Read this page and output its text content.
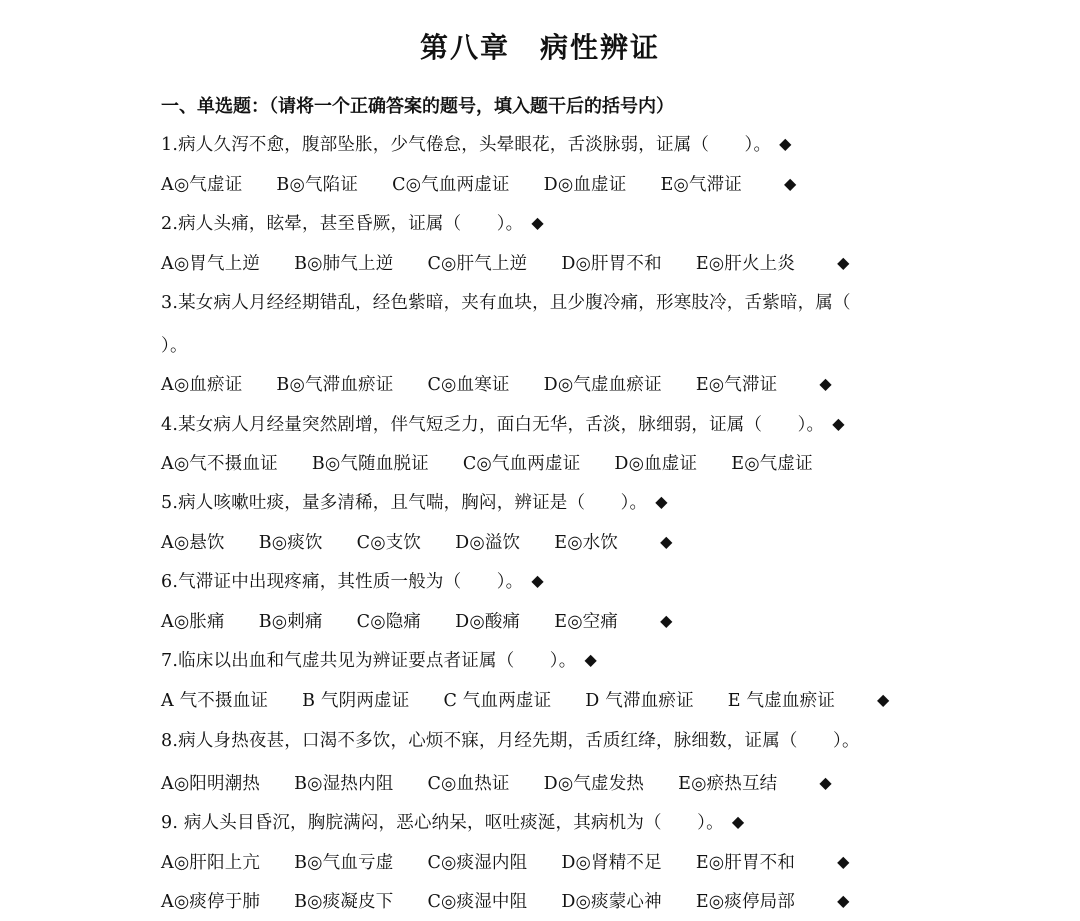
第八章　病性辨证
一、单选题：（请将一个正确答案的题号，填入题干后的括号内）
1.病人久泻不愈，腹部坠胀，少气倦怠，头晕眼花，舌淡脉弱，证属（　　）。 ◆
A◎气虚证 B◎气陷证 C◎气血两虚证 D◎血虚证 E◎气滞证	◆
2.病人头痛，眩晕，甚至昏厥，证属（　　）。 ◆
A◎胃气上逆 B◎肺气上逆 C◎肝气上逆 D◎肝胃不和 E◎肝火上炎	◆
3.某女病人月经经期错乱，经色紫暗，夹有血块，且少腹冷痛，形寒肢冷，舌紫暗，属（
）。
A◎血瘀证 B◎气滞血瘀证 C◎血寒证 D◎气虚血瘀证 E◎气滞证	◆
4.某女病人月经量突然剧增，伴气短乏力，面白无华，舌淡，脉细弱，证属（　　）。 ◆
A◎气不摄血证 B◎气随血脱证 C◎气血两虚证 D◎血虚证 E◎气虚证
5.病人咳嗽吐痰，量多清稀，且气喘，胸闷，辨证是（　　）。 ◆
A◎悬饮 B◎痰饮 C◎支饮 D◎溢饮 E◎水饮	◆
6.气滞证中出现疼痛，其性质一般为（　　）。 ◆
A◎胀痛 B◎刺痛 C◎隐痛 D◎酸痛 E◎空痛	◆
7.临床以出血和气虚共见为辨证要点者证属（　　）。 ◆
A 气不摄血证 B 气阴两虚证 C 气血两虚证 D 气滞血瘀证 E 气虚血瘀证	◆
8.病人身热夜甚，口渴不多饮，心烦不寐，月经先期，舌质红绛，脉细数，证属（　　）。
A◎阳明潮热 B◎湿热内阻 C◎血热证 D◎气虚发热 E◎瘀热互结	◆
9. 病人头目昏沉，胸脘满闷，恶心纳呆，呕吐痰涎，其病机为（　　）。 ◆
A◎肝阳上亢 B◎气血亏虚 C◎痰湿内阻 D◎肾精不足 E◎肝胃不和	◆
A◎痰停于肺 B◎痰凝皮下 C◎痰湿中阻 D◎痰蒙心神 E◎痰停局部	◆
